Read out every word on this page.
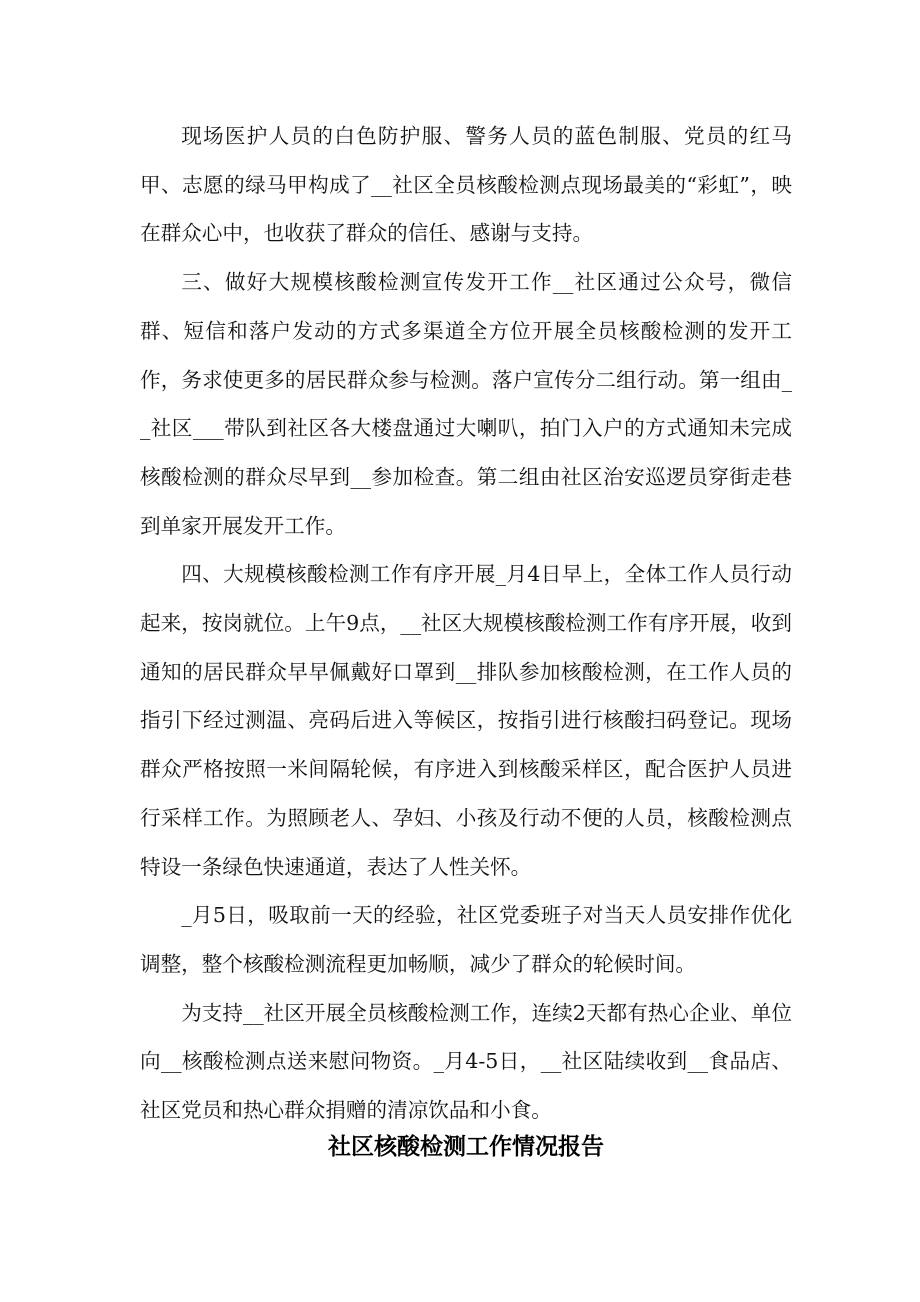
现场医护人员的白色防护服、警务人员的蓝色制服、党员的红马甲、志愿的绿马甲构成了__社区全员核酸检测点现场最美的“彩虹”，映在群众心中，也收获了群众的信任、感谢与支持。

三、做好大规模核酸检测宣传发开工作__社区通过公众号，微信群、短信和落户发动的方式多渠道全方位开展全员核酸检测的发开工作，务求使更多的居民群众参与检测。落户宣传分二组行动。第一组由__社区___带队到社区各大楼盘通过大喇叭，拍门入户的方式通知未完成核酸检测的群众尽早到__参加检查。第二组由社区治安巡逻员穿街走巷到单家开展发开工作。

四、大规模核酸检测工作有序开展_月4日早上，全体工作人员行动起来，按岗就位。上午9点，__社区大规模核酸检测工作有序开展，收到通知的居民群众早早佩戴好口罩到__排队参加核酸检测，在工作人员的指引下经过测温、亮码后进入等候区，按指引进行核酸扫码登记。现场群众严格按照一米间隔轮候，有序进入到核酸采样区，配合医护人员进行采样工作。为照顾老人、孕妇、小孩及行动不便的人员，核酸检测点特设一条绿色快速通道，表达了人性关怀。

_月5日，吸取前一天的经验，社区党委班子对当天人员安排作优化调整，整个核酸检测流程更加畅顺，减少了群众的轮候时间。

为支持__社区开展全员核酸检测工作，连续2天都有热心企业、单位向__核酸检测点送来慰问物资。_月4-5日，__社区陆续收到__食品店、社区党员和热心群众捐赠的清凉饮品和小食。

社区核酸检测工作情况报告
